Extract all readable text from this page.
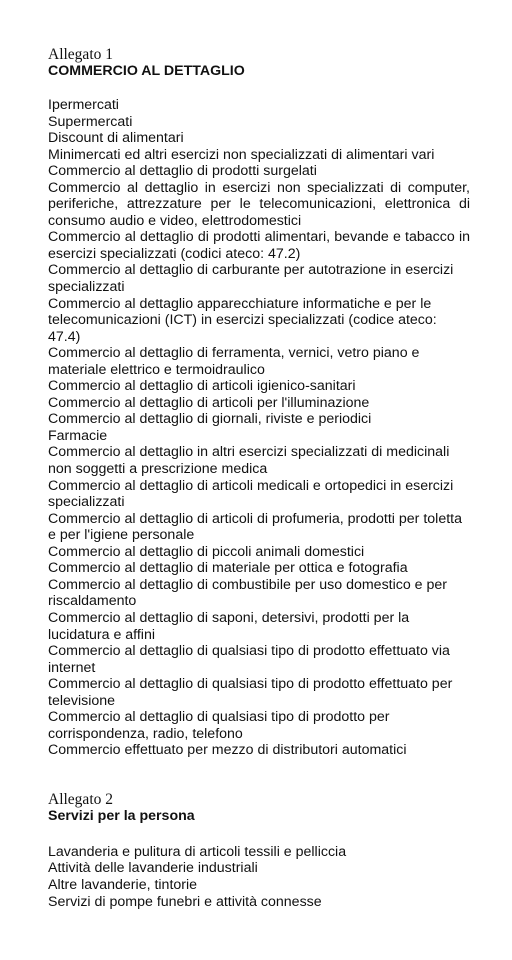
Allegato 1

COMMERCIO AL DETTAGLIO
Ipermercati
Supermercati
Discount di alimentari
Minimercati ed altri esercizi non specializzati di alimentari vari
Commercio al dettaglio di prodotti surgelati
Commercio al dettaglio in esercizi non specializzati di computer, periferiche, attrezzature per le telecomunicazioni, elettronica di consumo audio e video, elettrodomestici
Commercio al dettaglio di prodotti alimentari, bevande e tabacco in esercizi specializzati (codici ateco: 47.2)
Commercio al dettaglio di carburante per autotrazione in esercizi specializzati
Commercio al dettaglio apparecchiature informatiche e per le telecomunicazioni (ICT) in esercizi specializzati (codice ateco: 47.4)
Commercio al dettaglio di ferramenta, vernici, vetro piano e materiale elettrico e termoidraulico
Commercio al dettaglio di articoli igienico-sanitari
Commercio al dettaglio di articoli per l'illuminazione
Commercio al dettaglio di giornali, riviste e periodici
Farmacie
Commercio al dettaglio in altri esercizi specializzati di medicinali non soggetti a prescrizione medica
Commercio al dettaglio di articoli medicali e ortopedici in esercizi specializzati
Commercio al dettaglio di articoli di profumeria, prodotti per toletta e per l'igiene personale
Commercio al dettaglio di piccoli animali domestici
Commercio al dettaglio di materiale per ottica e fotografia
Commercio al dettaglio di combustibile per uso domestico e per riscaldamento
Commercio al dettaglio di saponi, detersivi, prodotti per la lucidatura e affini
Commercio al dettaglio di qualsiasi tipo di prodotto effettuato via internet
Commercio al dettaglio di qualsiasi tipo di prodotto effettuato per televisione
Commercio al dettaglio di qualsiasi tipo di prodotto per corrispondenza, radio, telefono
Commercio effettuato per mezzo di distributori automatici

Allegato 2

Servizi per la persona
Lavanderia e pulitura di articoli tessili e pelliccia
Attività delle lavanderie industriali
Altre lavanderie, tintorie
Servizi di pompe funebri e attività connesse
